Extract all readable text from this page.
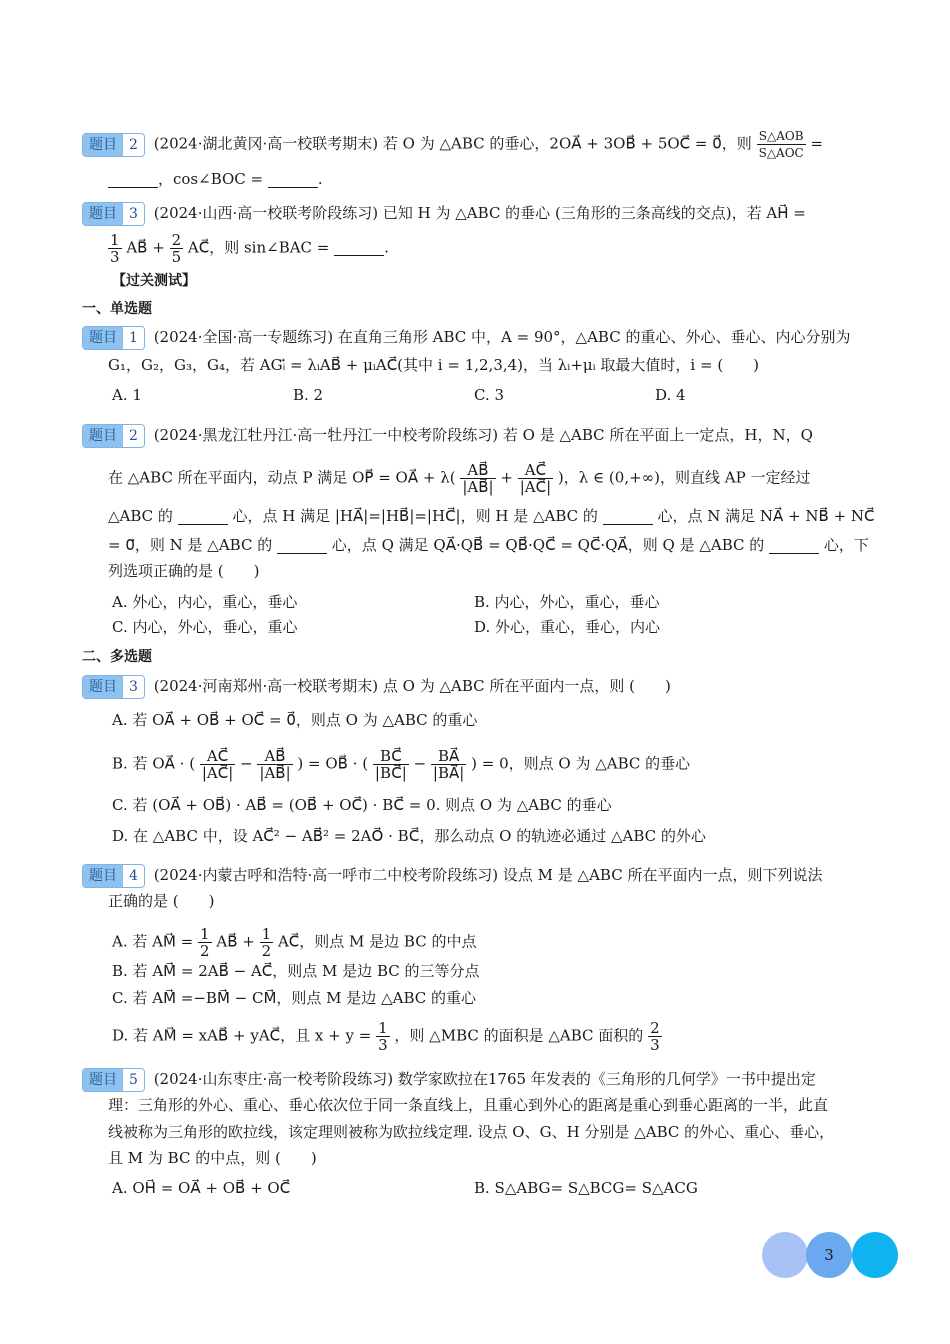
题目 2	(2024·湖北黄冈·高一校联考期末) 若 O 为 △ABC 的垂心，2OA⃗ + 3OB⃗ + 5OC⃗ = 0⃗，则 $\frac{\text{S△AOB}}{\text{S△AOC}}$ =
，cos∠BOC =	.
题目 3	(2024·山西·高一校联考阶段练习) 已知 H 为 △ABC 的垂心 (三角形的三条高线的交点)，若 AH⃗ =
$\frac{1}{3}$ AB⃗ + $\frac{2}{5}$ AC⃗，则 sin∠BAC =	.
【过关测试】
一、单选题
题目 1	(2024·全国·高一专题练习) 在直角三角形 ABC 中，A = 90°，△ABC 的重心、外心、垂心、内心分别为
G₁，G₂，G₃，G₄，若 AGᵢ⃗ = λᵢAB⃗ + μᵢAC⃗(其中 i = 1,2,3,4)，当 λᵢ+μᵢ 取最大值时，i = (　　)
A. 1	B. 2	C. 3	D. 4
题目 2	(2024·黑龙江牡丹江·高一牡丹江一中校考阶段练习) 若 O 是 △ABC 所在平面上一定点，H，N，Q
在 △ABC 所在平面内，动点 P 满足 OP⃗ = OA⃗ + $\lambda( \frac{AB⃗}{|AB⃗|} + \frac{AC⃗}{|AC⃗|}$ )，λ ∈ (0,+∞)，则直线 AP 一定经过
△ABC 的	心，点 H 满足 |HA⃗|=|HB⃗|=|HC⃗|，则 H 是 △ABC 的	心，点 N 满足 NA⃗ + NB⃗ + NC⃗
= 0⃗，则 N 是 △ABC 的	心，点 Q 满足 QA⃗·QB⃗ = QB⃗·QC⃗ = QC⃗·QA⃗，则 Q 是 △ABC 的	心，下
列选项正确的是 (　　)
A. 外心，内心，重心，垂心	B. 内心，外心，重心，垂心
C. 内心，外心，垂心，重心	D. 外心，重心，垂心，内心
二、多选题
题目 3	(2024·河南郑州·高一校联考期末) 点 O 为 △ABC 所在平面内一点，则 (　　)
A. 若 OA⃗ + OB⃗ + OC⃗ = 0⃗，则点 O 为 △ABC 的重心
B. 若 OA⃗ · ( $\frac{AC⃗}{|AC⃗|} - \frac{AB⃗}{|AB⃗|}$ ) = OB⃗ · ( $\frac{BC⃗}{|BC⃗|} - \frac{BA⃗}{|BA⃗|}$ ) = 0，则点 O 为 △ABC 的垂心
C. 若 (OA⃗ + OB⃗) · AB⃗ = (OB⃗ + OC⃗) · BC⃗ = 0. 则点 O 为 △ABC 的垂心
D. 在 △ABC 中，设 AC⃗² − AB⃗² = 2AO⃗ · BC⃗，那么动点 O 的轨迹必通过 △ABC 的外心
题目 4	(2024·内蒙古呼和浩特·高一呼市二中校考阶段练习) 设点 M 是 △ABC 所在平面内一点，则下列说法
正确的是 (　　)
A. 若 AM⃗ = $\frac{1}{2}$ AB⃗ + $\frac{1}{2}$ AC⃗，则点 M 是边 BC 的中点
B. 若 AM⃗ = 2AB⃗ − AC⃗，则点 M 是边 BC 的三等分点
C. 若 AM⃗ =−BM⃗ − CM⃗，则点 M 是边 △ABC 的重心
D. 若 AM⃗ = xAB⃗ + yAC⃗，且 $x + y = \frac{1}{3}$ ，则 △MBC 的面积是 △ABC 面积的 $\frac{2}{3}$
题目 5	(2024·山东枣庄·高一校考阶段练习) 数学家欧拉在1765 年发表的《三角形的几何学》一书中提出定
理：三角形的外心、重心、垂心依次位于同一条直线上，且重心到外心的距离是重心到垂心距离的一半，此直
线被称为三角形的欧拉线，该定理则被称为欧拉线定理. 设点 O、G、H 分别是 △ABC 的外心、重心、垂心，
且 M 为 BC 的中点，则 (　　)
A. OH⃗ = OA⃗ + OB⃗ + OC⃗	B. S△ABG= S△BCG= S△ACG
3
